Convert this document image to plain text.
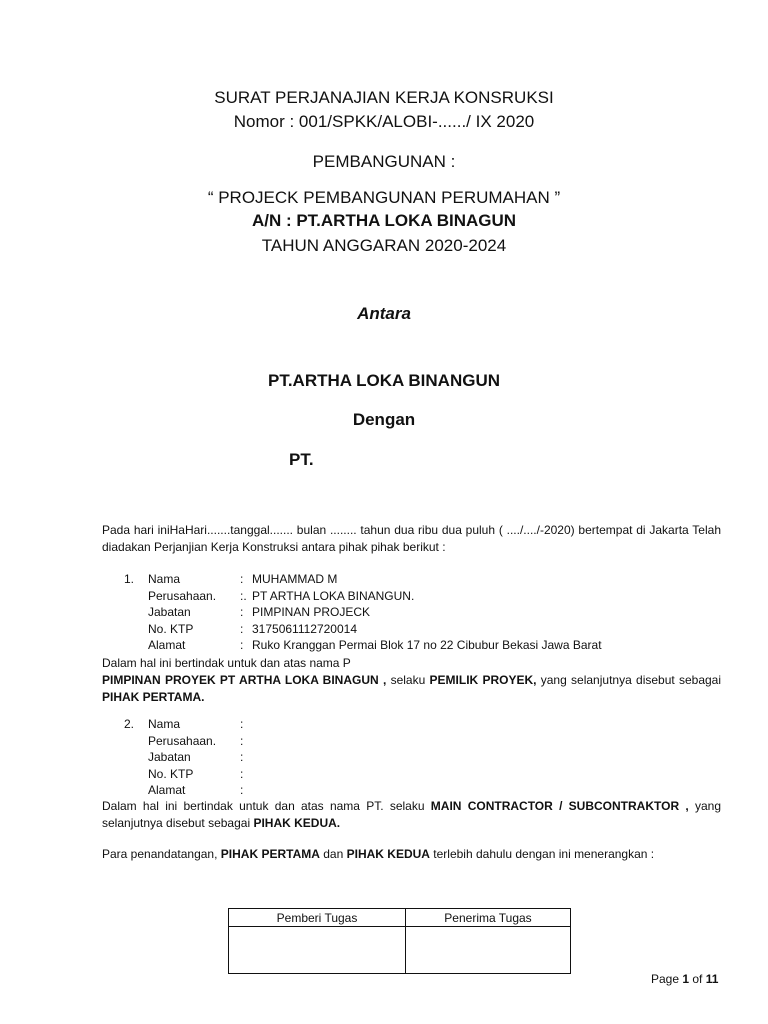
SURAT PERJANAJIAN KERJA KONSRUKSI
Nomor : 001/SPKK/ALOBI-....../ IX 2020
PEMBANGUNAN :
“ PROJECK PEMBANGUNAN PERUMAHAN ”
A/N : PT.ARTHA LOKA BINAGUN
TAHUN ANGGARAN 2020-2024
Antara
PT.ARTHA LOKA BINANGUN
Dengan
PT.
Pada hari iniHaHari.......tanggal....... bulan ........ tahun dua ribu dua puluh ( ..../..../-2020) bertempat di Jakarta Telah diadakan Perjanjian Kerja Konstruksi antara pihak pihak berikut :
1. Nama	: MUHAMMAD M
Perusahaan. :. PT ARTHA LOKA BINANGUN.
Jabatan	: PIMPINAN PROJECK
No. KTP	: 3175061112720014
Alamat	: Ruko Kranggan Permai Blok 17 no 22 Cibubur Bekasi Jawa Barat
Dalam hal ini bertindak untuk dan atas nama P
PIMPINAN PROYEK PT ARTHA LOKA BINAGUN , selaku PEMILIK PROYEK, yang selanjutnya disebut sebagai PIHAK PERTAMA.
2. Nama	:
Perusahaan. :
Jabatan	:
No. KTP	:
Alamat	:
Dalam hal ini bertindak untuk dan atas nama PT. selaku MAIN CONTRACTOR / SUBCONTRAKTOR , yang selanjutnya disebut sebagai PIHAK KEDUA.
Para penandatangan, PIHAK PERTAMA dan PIHAK KEDUA terlebih dahulu dengan ini menerangkan :
Pemberi Tugas	Penerima Tugas

Page 1 of 11
